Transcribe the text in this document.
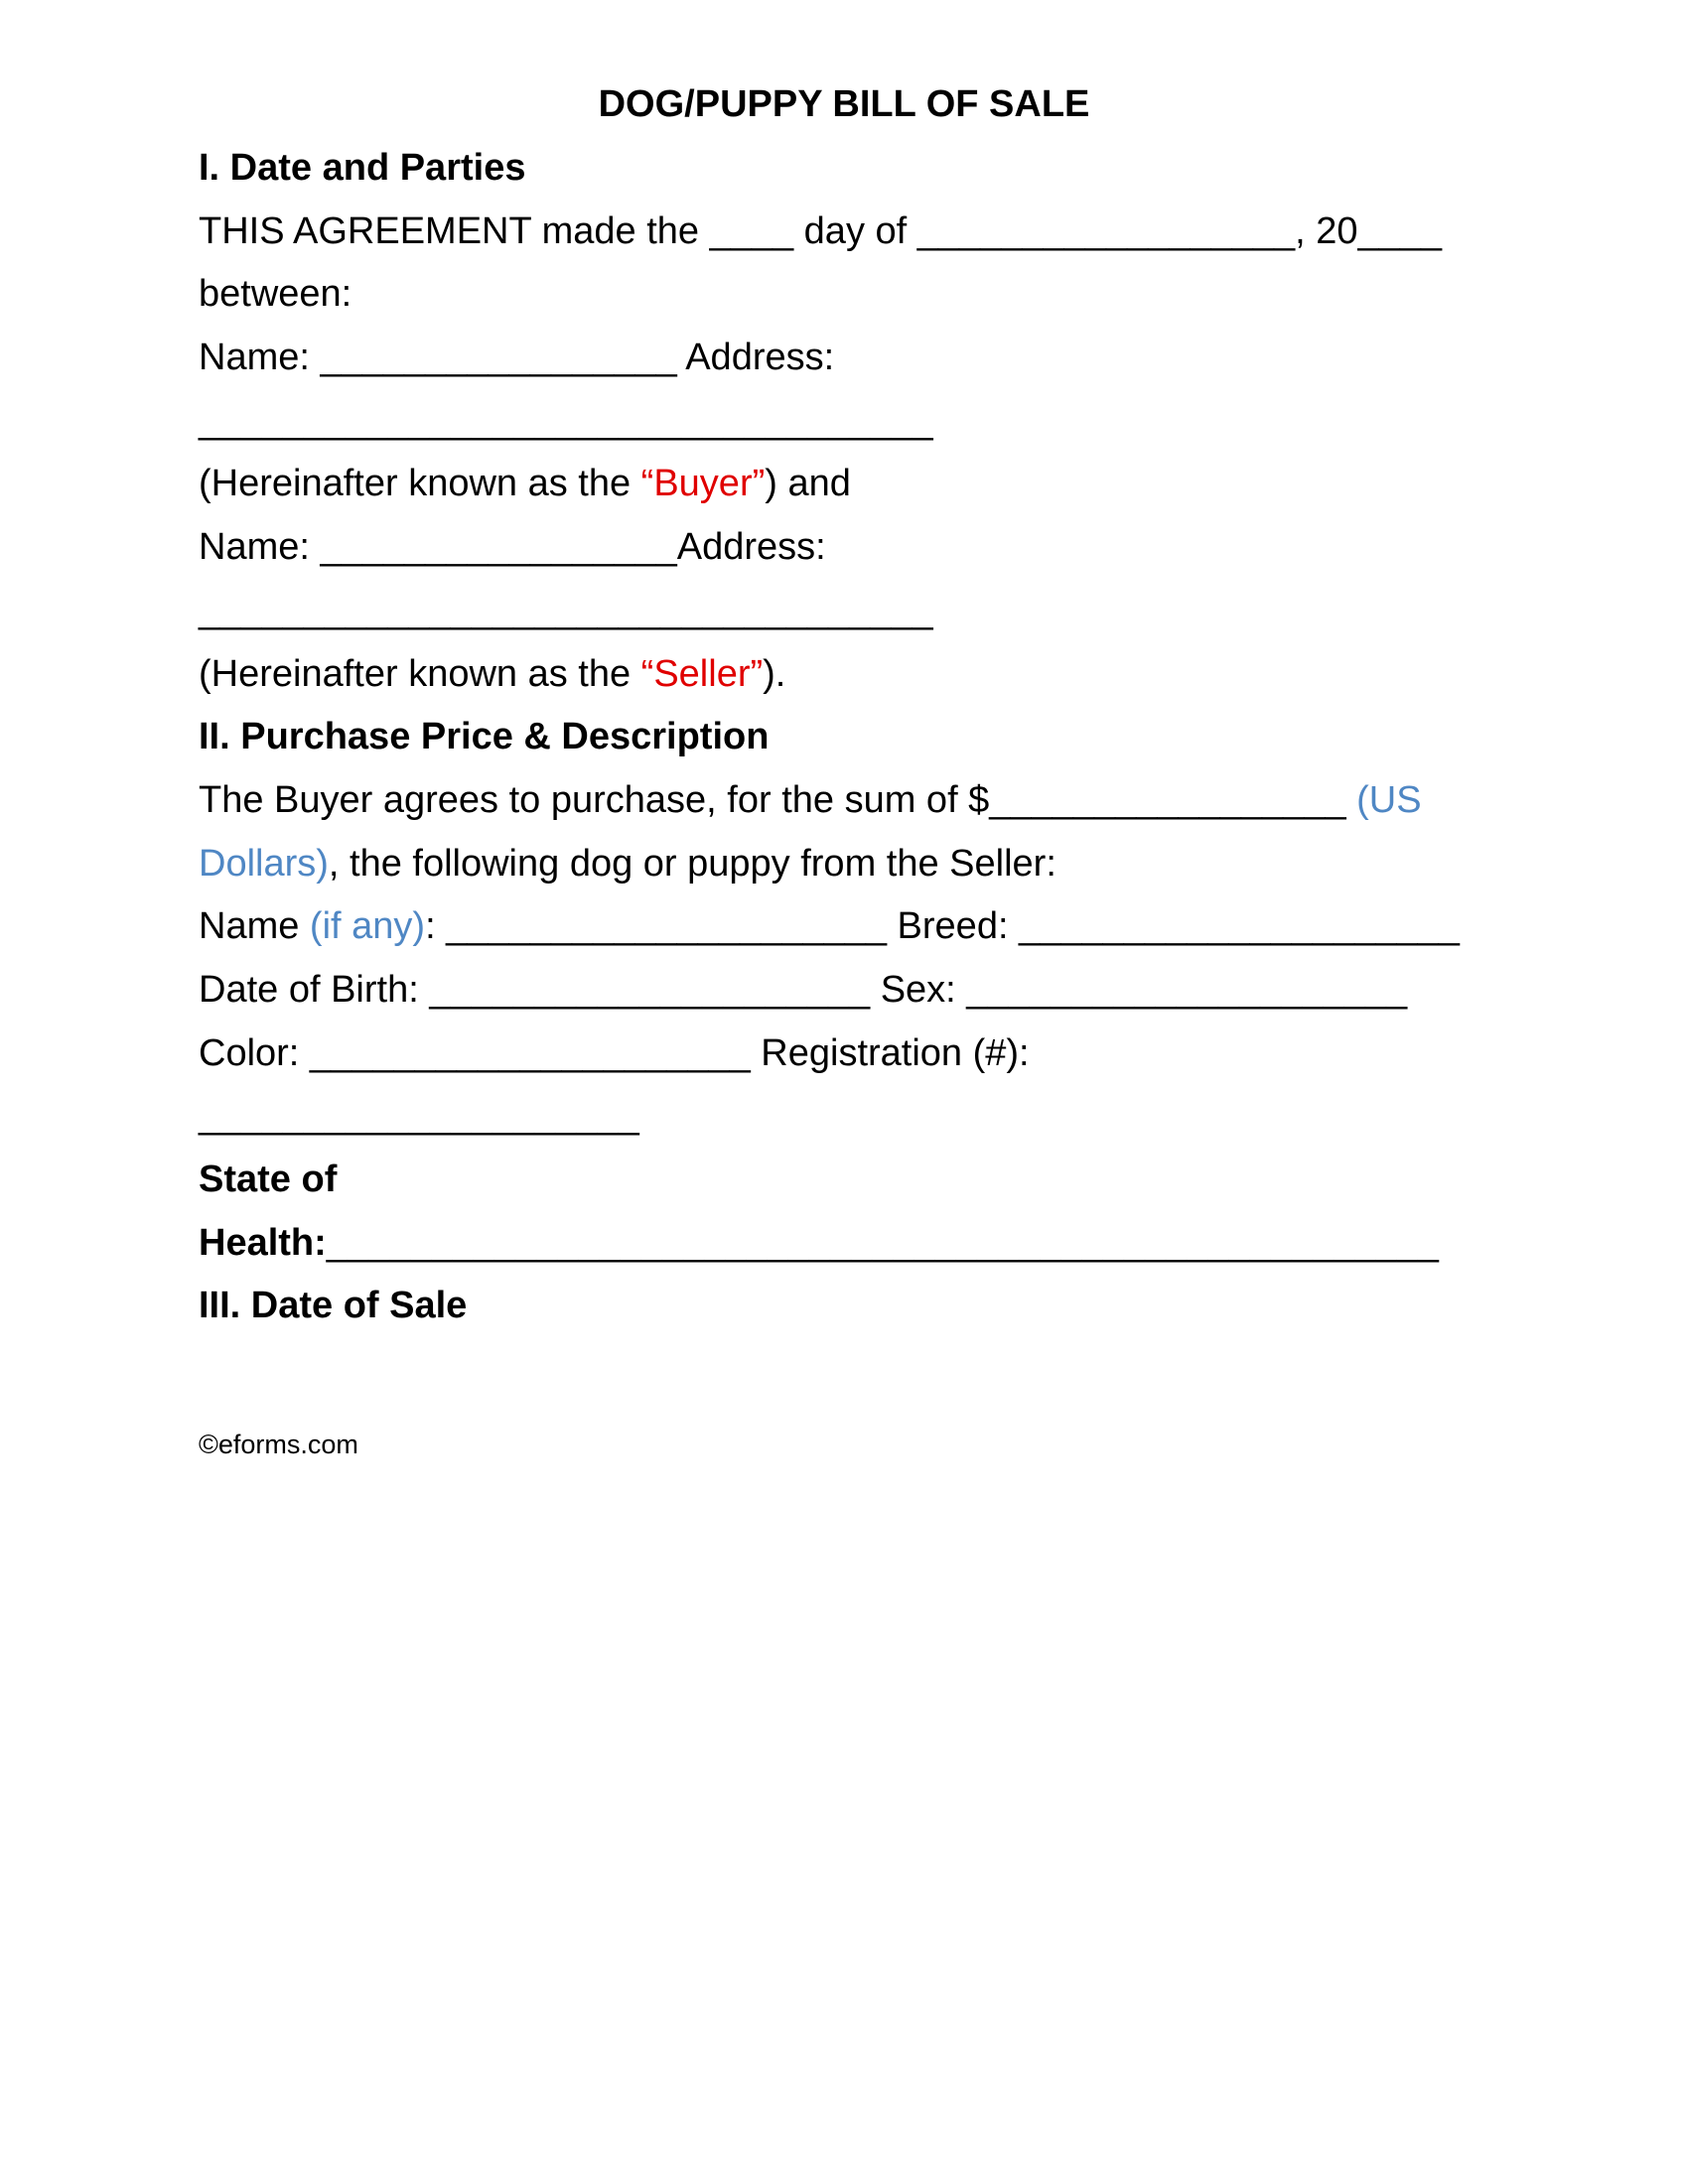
DOG/PUPPY BILL OF SALE
I. Date and Parties
THIS AGREEMENT made the ____ day of __________________, 20____
between:
Name: _________________ Address:
___________________________________
(Hereinafter known as the “Buyer”) and
Name: _________________Address:
___________________________________
(Hereinafter known as the “Seller”).
II. Purchase Price & Description
The Buyer agrees to purchase, for the sum of $_________________ (US
Dollars), the following dog or puppy from the Seller:
Name (if any): _____________________ Breed: _____________________
Date of Birth: _____________________ Sex: _____________________
Color: _____________________ Registration (#):
_____________________
State of
Health:_____________________________________________________
III. Date of Sale
©eforms.com
